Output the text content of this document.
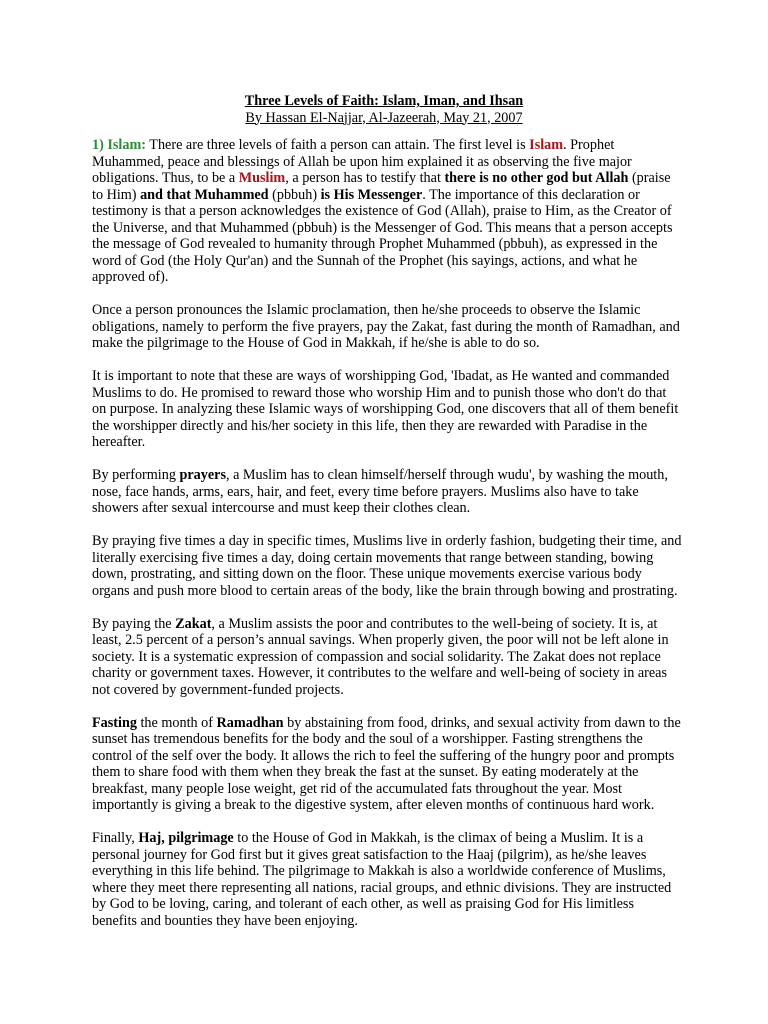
Three Levels of Faith: Islam, Iman, and Ihsan
By Hassan El-Najjar, Al-Jazeerah, May 21, 2007

1) Islam: There are three levels of faith a person can attain. The first level is Islam. Prophet Muhammed, peace and blessings of Allah be upon him explained it as observing the five major obligations. Thus, to be a Muslim, a person has to testify that there is no other god but Allah (praise to Him) and that Muhammed (pbbuh) is His Messenger. The importance of this declaration or testimony is that a person acknowledges the existence of God (Allah), praise to Him, as the Creator of the Universe, and that Muhammed (pbbuh) is the Messenger of God. This means that a person accepts the message of God revealed to humanity through Prophet Muhammed (pbbuh), as expressed in the word of God (the Holy Qur'an) and the Sunnah of the Prophet (his sayings, actions, and what he approved of).

Once a person pronounces the Islamic proclamation, then he/she proceeds to observe the Islamic obligations, namely to perform the five prayers, pay the Zakat, fast during the month of Ramadhan, and make the pilgrimage to the House of God in Makkah, if he/she is able to do so.

It is important to note that these are ways of worshipping God, 'Ibadat, as He wanted and commanded Muslims to do. He promised to reward those who worship Him and to punish those who don't do that on purpose. In analyzing these Islamic ways of worshipping God, one discovers that all of them benefit the worshipper directly and his/her society in this life, then they are rewarded with Paradise in the hereafter.

By performing prayers, a Muslim has to clean himself/herself through wudu', by washing the mouth, nose, face hands, arms, ears, hair, and feet, every time before prayers. Muslims also have to take showers after sexual intercourse and must keep their clothes clean.

By praying five times a day in specific times, Muslims live in orderly fashion, budgeting their time, and literally exercising five times a day, doing certain movements that range between standing, bowing down, prostrating, and sitting down on the floor. These unique movements exercise various body organs and push more blood to certain areas of the body, like the brain through bowing and prostrating.

By paying the Zakat, a Muslim assists the poor and contributes to the well-being of society. It is, at least, 2.5 percent of a person’s annual savings. When properly given, the poor will not be left alone in society. It is a systematic expression of compassion and social solidarity. The Zakat does not replace charity or government taxes. However, it contributes to the welfare and well-being of society in areas not covered by government-funded projects.

Fasting the month of Ramadhan by abstaining from food, drinks, and sexual activity from dawn to the sunset has tremendous benefits for the body and the soul of a worshipper. Fasting strengthens the control of the self over the body. It allows the rich to feel the suffering of the hungry poor and prompts them to share food with them when they break the fast at the sunset. By eating moderately at the breakfast, many people lose weight, get rid of the accumulated fats throughout the year. Most importantly is giving a break to the digestive system, after eleven months of continuous hard work.

Finally, Haj, pilgrimage to the House of God in Makkah, is the climax of being a Muslim. It is a personal journey for God first but it gives great satisfaction to the Haaj (pilgrim), as he/she leaves everything in this life behind. The pilgrimage to Makkah is also a worldwide conference of Muslims, where they meet there representing all nations, racial groups, and ethnic divisions. They are instructed by God to be loving, caring, and tolerant of each other, as well as praising God for His limitless benefits and bounties they have been enjoying.
